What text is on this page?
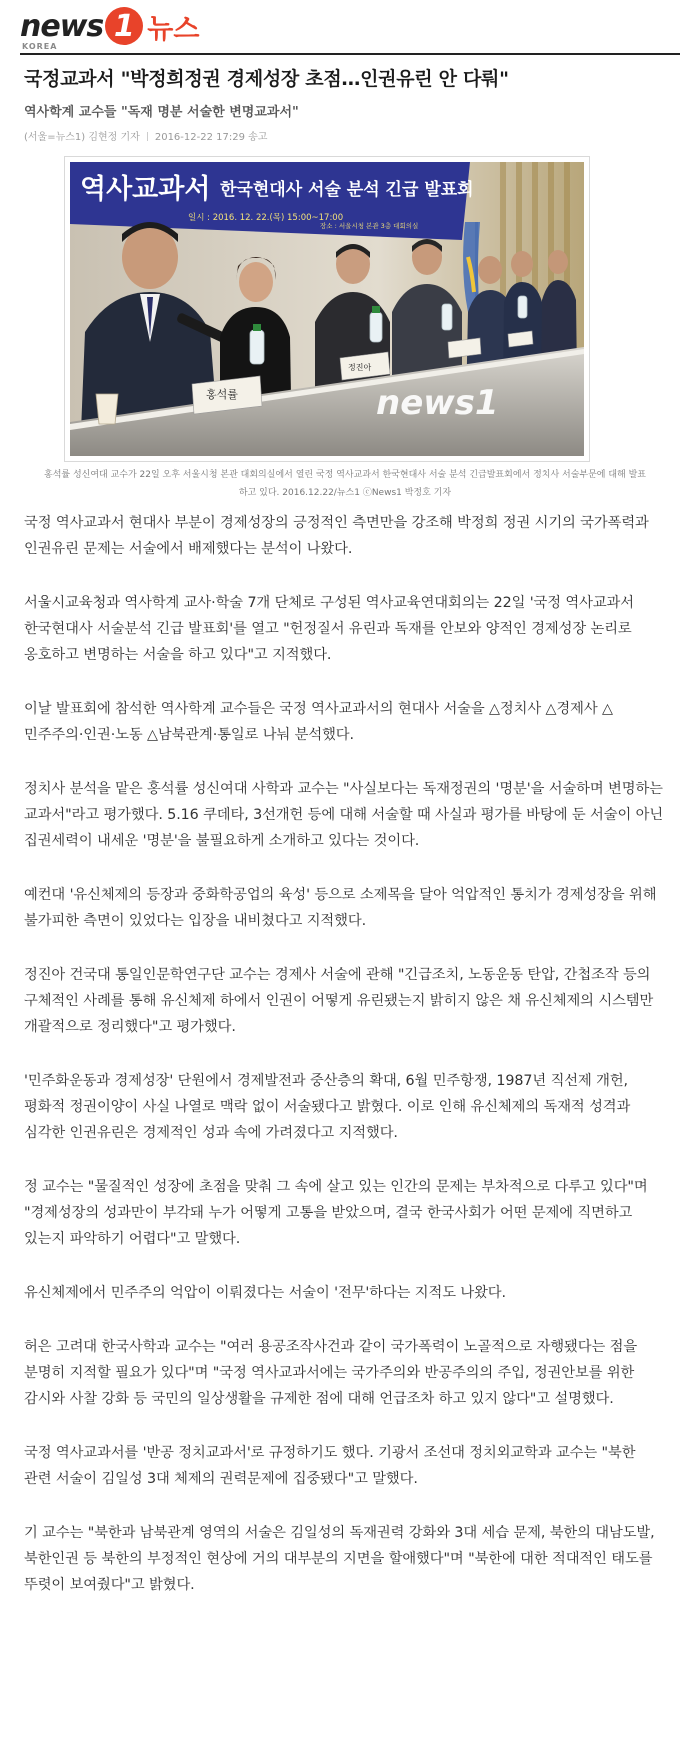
news 1 뉴스
KOREA
국정교과서 "박정희정권 경제성장 초점…인권유린 안 다뤄"
역사학계 교수들 "독재 명분 서술한 변명교과서"
(서울=뉴스1) 김현정 기자 2016-12-22 17:29 송고
역사교과서 한국현대사 서술 분석 긴급 발표회
일시 : 2016. 12. 22.(목) 15:00~17:00
장소 : 서울시청 본관 3층 대회의실
홍석률
정진아
news1
홍석률 성신여대 교수가 22일 오후 서울시청 본관 대회의실에서 열린 국정 역사교과서 한국현대사 서술 분석 긴급발표회에서 정치사 서술부문에 대해 발표하고 있다. 2016.12.22/뉴스1 ⓒNews1 박정호 기자

국정 역사교과서 현대사 부분이 경제성장의 긍정적인 측면만을 강조해 박정희 정권 시기의 국가폭력과 인권유린 문제는 서술에서 배제했다는 분석이 나왔다.

서울시교육청과 역사학계 교사·학술 7개 단체로 구성된 역사교육연대회의는 22일 '국정 역사교과서 한국현대사 서술분석 긴급 발표회'를 열고 "헌정질서 유린과 독재를 안보와 양적인 경제성장 논리로 옹호하고 변명하는 서술을 하고 있다"고 지적했다.

이날 발표회에 참석한 역사학계 교수들은 국정 역사교과서의 현대사 서술을 △정치사 △경제사 △민주주의·인권·노동 △남북관계·통일로 나눠 분석했다.

정치사 분석을 맡은 홍석률 성신여대 사학과 교수는 "사실보다는 독재정권의 '명분'을 서술하며 변명하는 교과서"라고 평가했다. 5.16 쿠데타, 3선개헌 등에 대해 서술할 때 사실과 평가를 바탕에 둔 서술이 아닌 집권세력이 내세운 '명분'을 불필요하게 소개하고 있다는 것이다.

예컨대 '유신체제의 등장과 중화학공업의 육성' 등으로 소제목을 달아 억압적인 통치가 경제성장을 위해 불가피한 측면이 있었다는 입장을 내비쳤다고 지적했다.

정진아 건국대 통일인문학연구단 교수는 경제사 서술에 관해 "긴급조치, 노동운동 탄압, 간첩조작 등의 구체적인 사례를 통해 유신체제 하에서 인권이 어떻게 유린됐는지 밝히지 않은 채 유신체제의 시스템만 개괄적으로 정리했다"고 평가했다.

'민주화운동과 경제성장' 단원에서 경제발전과 중산층의 확대, 6월 민주항쟁, 1987년 직선제 개헌, 평화적 정권이양이 사실 나열로 맥락 없이 서술됐다고 밝혔다. 이로 인해 유신체제의 독재적 성격과 심각한 인권유린은 경제적인 성과 속에 가려졌다고 지적했다.

정 교수는 "물질적인 성장에 초점을 맞춰 그 속에 살고 있는 인간의 문제는 부차적으로 다루고 있다"며 "경제성장의 성과만이 부각돼 누가 어떻게 고통을 받았으며, 결국 한국사회가 어떤 문제에 직면하고 있는지 파악하기 어렵다"고 말했다.

유신체제에서 민주주의 억압이 이뤄졌다는 서술이 '전무'하다는 지적도 나왔다.

허은 고려대 한국사학과 교수는 "여러 용공조작사건과 같이 국가폭력이 노골적으로 자행됐다는 점을 분명히 지적할 필요가 있다"며 "국정 역사교과서에는 국가주의와 반공주의의 주입, 정권안보를 위한 감시와 사찰 강화 등 국민의 일상생활을 규제한 점에 대해 언급조차 하고 있지 않다"고 설명했다.

국정 역사교과서를 '반공 정치교과서'로 규정하기도 했다. 기광서 조선대 정치외교학과 교수는 "북한 관련 서술이 김일성 3대 체제의 권력문제에 집중됐다"고 말했다.

기 교수는 "북한과 남북관계 영역의 서술은 김일성의 독재권력 강화와 3대 세습 문제, 북한의 대남도발, 북한인권 등 북한의 부정적인 현상에 거의 대부분의 지면을 할애했다"며 "북한에 대한 적대적인 태도를 뚜렷이 보여줬다"고 밝혔다.
